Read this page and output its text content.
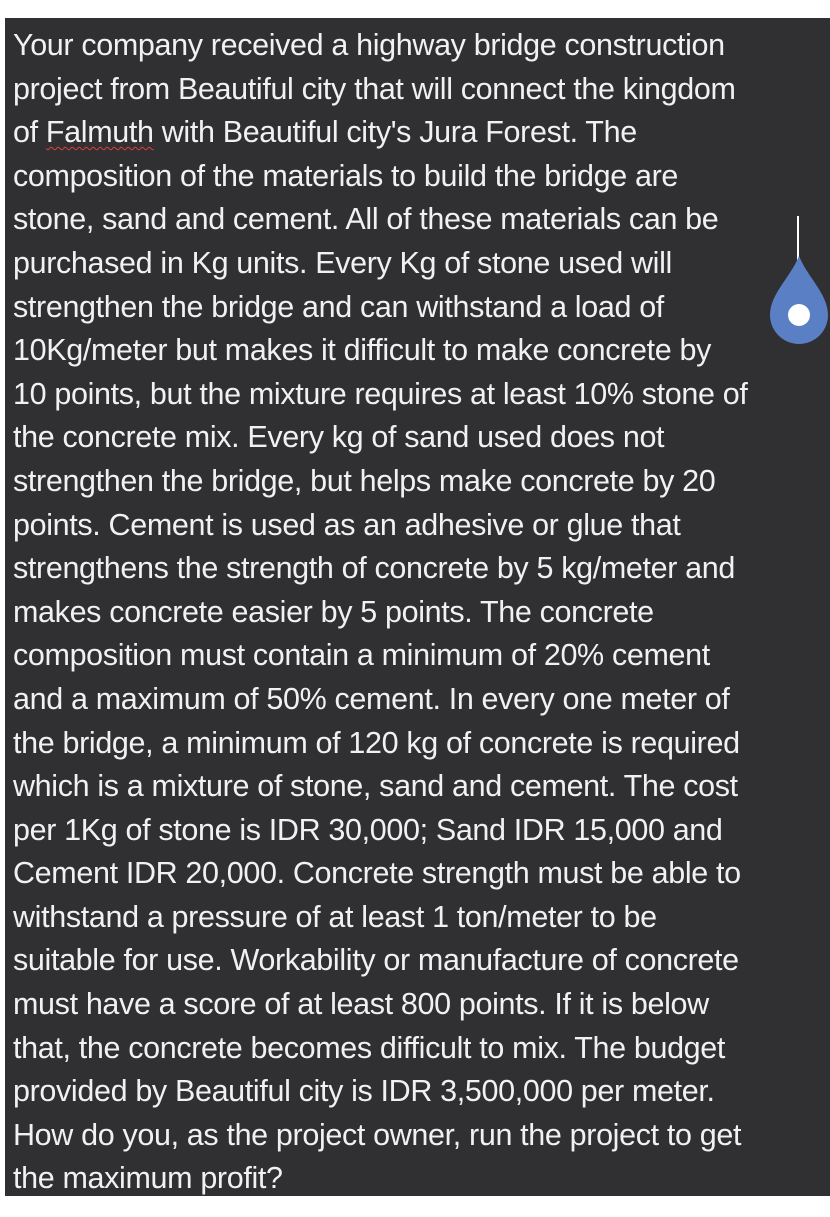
Your company received a highway bridge construction
project from Beautiful city that will connect the kingdom
of Falmuth with Beautiful city's Jura Forest. The
composition of the materials to build the bridge are
stone, sand and cement. All of these materials can be
purchased in Kg units. Every Kg of stone used will
strengthen the bridge and can withstand a load of
10Kg/meter but makes it difficult to make concrete by
10 points, but the mixture requires at least 10% stone of
the concrete mix. Every kg of sand used does not
strengthen the bridge, but helps make concrete by 20
points. Cement is used as an adhesive or glue that
strengthens the strength of concrete by 5 kg/meter and
makes concrete easier by 5 points. The concrete
composition must contain a minimum of 20% cement
and a maximum of 50% cement. In every one meter of
the bridge, a minimum of 120 kg of concrete is required
which is a mixture of stone, sand and cement. The cost
per 1Kg of stone is IDR 30,000; Sand IDR 15,000 and
Cement IDR 20,000. Concrete strength must be able to
withstand a pressure of at least 1 ton/meter to be
suitable for use. Workability or manufacture of concrete
must have a score of at least 800 points. If it is below
that, the concrete becomes difficult to mix. The budget
provided by Beautiful city is IDR 3,500,000 per meter.
How do you, as the project owner, run the project to get
the maximum profit?
